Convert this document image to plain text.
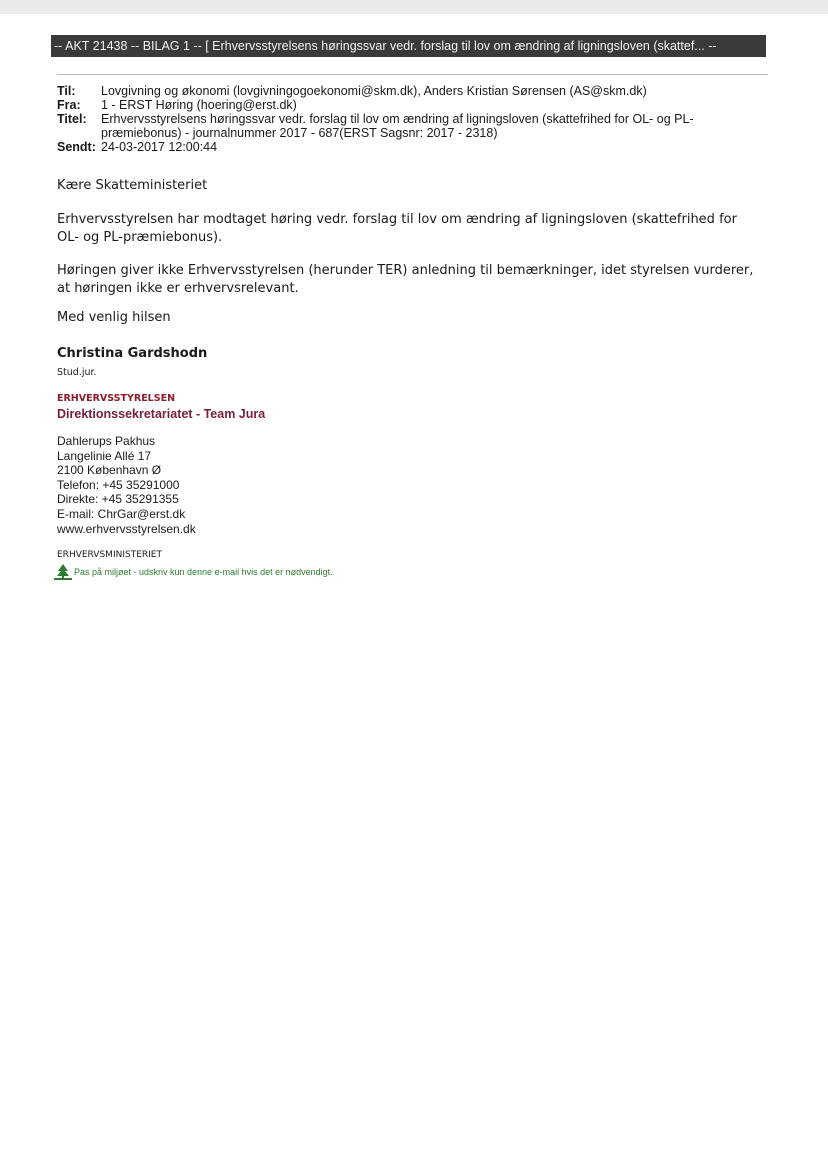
-- AKT 21438 -- BILAG 1 -- [ Erhvervsstyrelsens høringssvar vedr. forslag til lov om ændring af ligningsloven (skattef... --
Til:	Lovgivning og økonomi (lovgivningogoekonomi@skm.dk), Anders Kristian Sørensen (AS@skm.dk)
Fra:	1 - ERST Høring (hoering@erst.dk)
Titel:	Erhvervsstyrelsens høringssvar vedr. forslag til lov om ændring af ligningsloven (skattefrihed for OL- og PL-præmiebonus) - journalnummer 2017 - 687(ERST Sagsnr: 2017 - 2318)
Sendt: 24-03-2017 12:00:44
Kære Skatteministeriet
Erhvervsstyrelsen har modtaget høring vedr. forslag til lov om ændring af ligningsloven (skattefrihed for OL- og PL-præmiebonus).
Høringen giver ikke Erhvervsstyrelsen (herunder TER) anledning til bemærkninger, idet styrelsen vurderer, at høringen ikke er erhvervsrelevant.
Med venlig hilsen
Christina Gardshodn
Stud.jur.
ERHVERVSSTYRELSEN
Direktionssekretariatet - Team Jura
Dahlerups Pakhus
Langelinie Allé 17
2100 København Ø
Telefon: +45 35291000
Direkte: +45 35291355
E-mail: ChrGar@erst.dk
www.erhvervsstyrelsen.dk
ERHVERVSMINISTERIET
Pas på miljøet - udskriv kun denne e-mail hvis det er nødvendigt.
